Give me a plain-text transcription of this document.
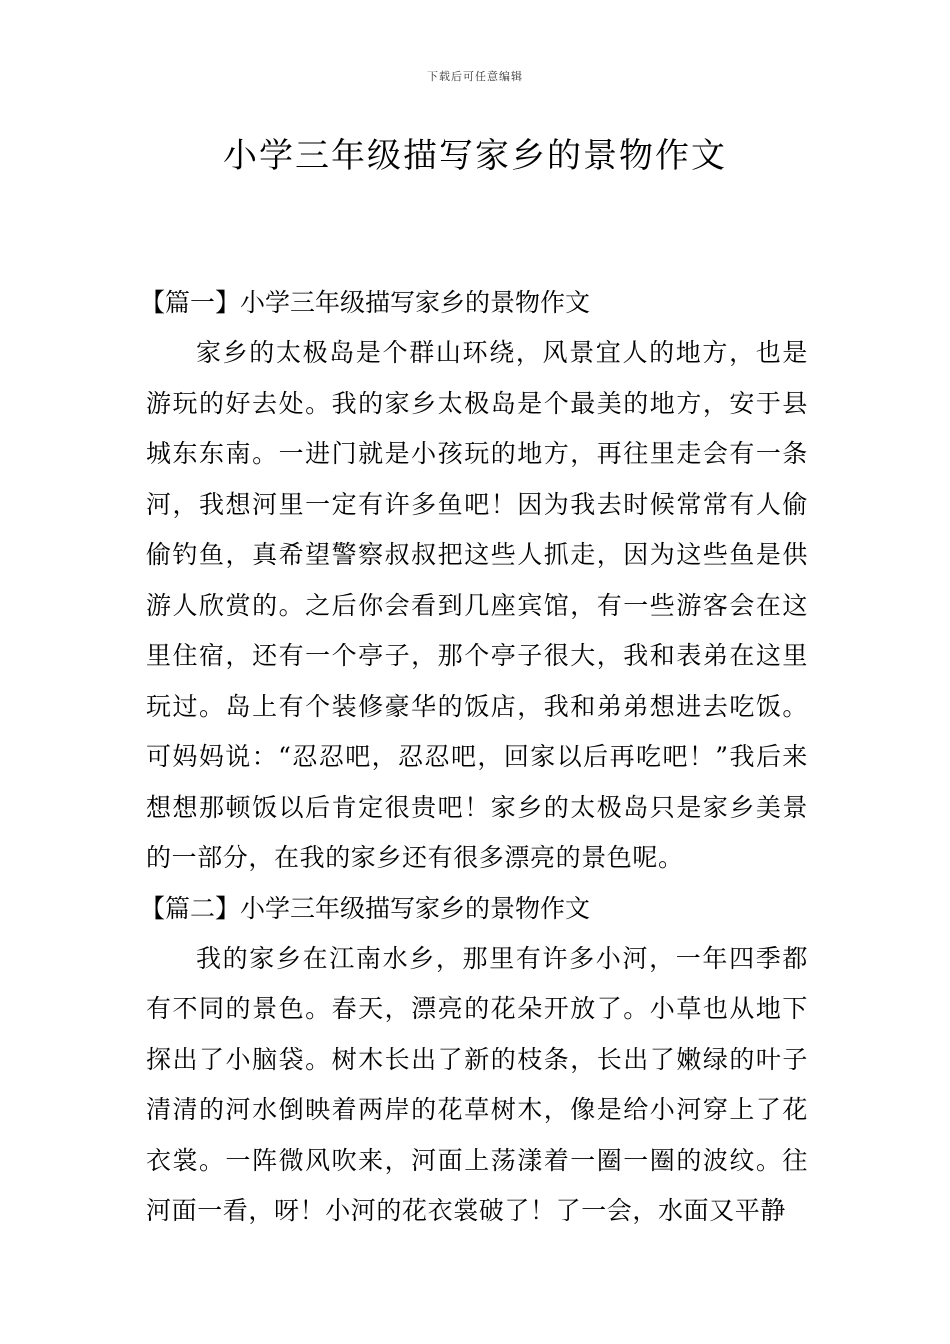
下载后可任意编辑
小学三年级描写家乡的景物作文
【篇一】小学三年级描写家乡的景物作文

家乡的太极岛是个群山环绕，风景宜人的地方，也是游玩的好去处。我的家乡太极岛是个最美的地方，安于县城东东南。一进门就是小孩玩的地方，再往里走会有一条河，我想河里一定有许多鱼吧！因为我去时候常常有人偷偷钓鱼，真希望警察叔叔把这些人抓走，因为这些鱼是供游人欣赏的。之后你会看到几座宾馆，有一些游客会在这里住宿，还有一个亭子，那个亭子很大，我和表弟在这里玩过。岛上有个装修豪华的饭店，我和弟弟想进去吃饭。可妈妈说：“忍忍吧，忍忍吧，回家以后再吃吧！”我后来想想那顿饭以后肯定很贵吧！家乡的太极岛只是家乡美景的一部分，在我的家乡还有很多漂亮的景色呢。

【篇二】小学三年级描写家乡的景物作文

我的家乡在江南水乡，那里有许多小河，一年四季都有不同的景色。春天，漂亮的花朵开放了。小草也从地下探出了小脑袋。树木长出了新的枝条，长出了嫩绿的叶子清清的河水倒映着两岸的花草树木，像是给小河穿上了花衣裳。一阵微风吹来，河面上荡漾着一圈一圈的波纹。往河面一看，呀！小河的花衣裳破了！了一会，水面又平静
